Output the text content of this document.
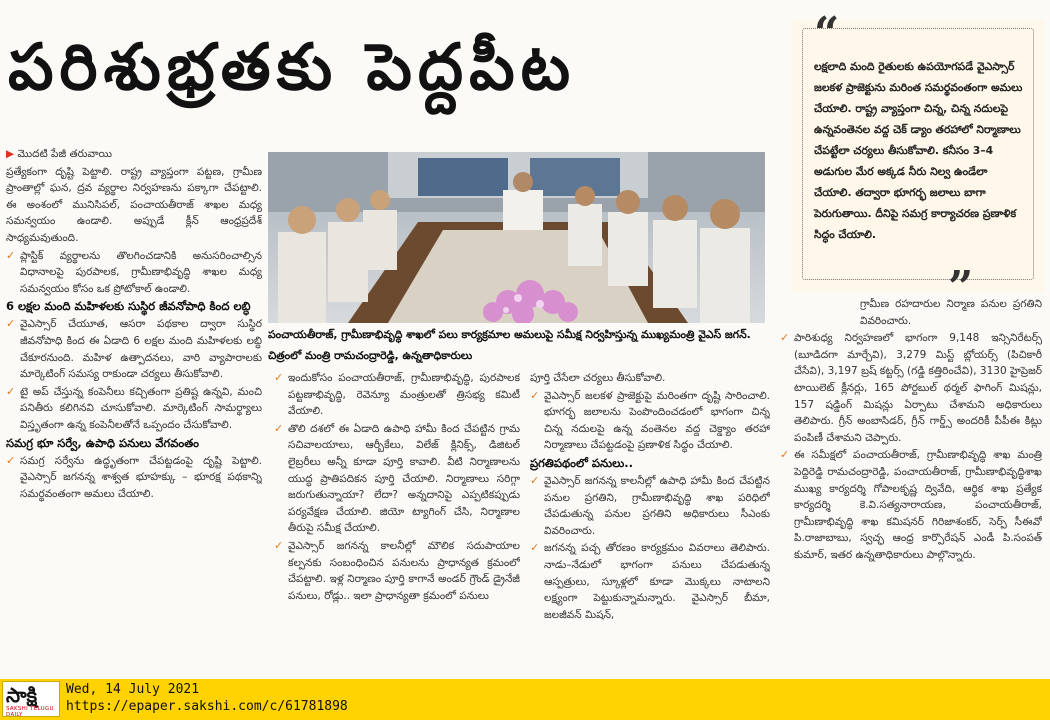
పరిశుభ్రతకు పెద్దపీట	“
లక్షలాది మంది రైతులకు ఉపయోగపడే వైఎస్సార్ జలకళ ప్రాజెక్టును మరింత సమర్థవంతంగా అమలు చేయాలి. రాష్ట్ర వ్యాప్తంగా చిన్న, చిన్న నదులపై ఉన్నవంతెనల వద్ద చెక్ డ్యాం తరహాలో నిర్మాణాలు చేపట్టేలా చర్యలు తీసుకోవాలి. కనీసం 3–4 అడుగుల మేర అక్కడ నీరు నిల్వ ఉండేలా చేయాలి. తద్వారా భూగర్భ జలాలు బాగా పెరుగుతాయి. దీనిపై సమగ్ర కార్యాచరణ ప్రణాళిక సిద్ధం చేయాలి.
”
పంచాయతీరాజ్, గ్రామీణాభివృద్ధి శాఖలో పలు కార్యక్రమాల అమలుపై సమీక్ష నిర్వహిస్తున్న ముఖ్యమంత్రి వైఎస్ జగన్. చిత్రంలో మంత్రి రామచంద్రారెడ్డి, ఉన్నతాధికారులు

▶ మొదటి పేజీ తరువాయి

ప్రత్యేకంగా దృష్టి పెట్టాలి. రాష్ట్ర వ్యాప్తంగా పట్టణ, గ్రామీణ ప్రాంతాల్లో ఘన, ద్రవ వ్యర్థాల నిర్వహణను పక్కాగా చేపట్టాలి. ఈ అంశంలో మునిసిపల్, పంచాయతీరాజ్ శాఖల మధ్య సమన్వయం ఉండాలి. అప్పుడే క్లీన్ ఆంధ్రప్రదేశ్ సాధ్యమవుతుంది.

✓ ప్లాస్టిక్ వ్యర్థాలను తొలగించడానికి అనుసరించాల్సిన విధానాలపై పురపాలక, గ్రామీణాభివృద్ధి శాఖల మధ్య సమన్వయం కోసం ఒక ప్రోటోకాల్ ఉండాలి.

6 లక్షల మంది మహిళలకు సుస్థిర జీవనోపాధి కింద లబ్ధి

✓ వైఎస్సార్ చేయూత, ఆసరా పథకాల ద్వారా సుస్థిర జీవనోపాధి కింద ఈ ఏడాది 6 లక్షల మంది మహిళలకు లబ్ధి చేకూరనుంది. మహిళ ఉత్పాదనలు, వారి వ్యాపారాలకు మార్కెటింగ్ సమస్య రాకుండా చర్యలు తీసుకోవాలి.

✓ టై అప్ చేస్తున్న కంపెనీలు కచ్చితంగా ప్రతిష్ట ఉన్నవి, మంచి పనితీరు కలిగినవి చూసుకోవాలి. మార్కెటింగ్ సామర్థ్యాలు విస్తృతంగా ఉన్న కంపెనీలతోనే ఒప్పందం చేసుకోవాలి.

సమగ్ర భూ సర్వే, ఉపాధి పనులు వేగవంతం

✓ సమగ్ర సర్వేను ఉద్ధృతంగా చేపట్టడంపై దృష్టి పెట్టాలి. వైఎస్సార్ జగనన్న శాశ్వత భూహక్కు – భూరక్ష పథకాన్ని సమర్థవంతంగా అమలు చేయాలి.

✓ ఇందుకోసం పంచాయతీరాజ్, గ్రామీణాభివృద్ధి, పురపాలక పట్టణాభివృద్ధి, రెవెన్యూ మంత్రులతో త్రిసభ్య కమిటీ వేయాలి.

✓ తొలి దశలో ఈ ఏడాది ఉపాధి హామీ కింద చేపట్టిన గ్రామ సచివాలయాలు, ఆర్బీకేలు, విలేజ్ క్లినిక్స్, డిజిటల్ లైబ్రరీలు అన్నీ కూడా పూర్తి కావాలి. వీటి నిర్మాణాలను యుద్ధ ప్రాతిపదికన పూర్తి చేయాలి. నిర్మాణాలు సరిగ్గా జరుగుతున్నాయా? లేదా? అన్నదానిపై ఎప్పటికప్పుడు పర్యవేక్షణ చేయాలి. జియో ట్యాగింగ్ చేసి, నిర్మాణాల తీరుపై సమీక్ష చేయాలి.

✓ వైఎస్సార్ జగనన్న కాలనీల్లో మౌలిక సదుపాయాల కల్పనకు సంబంధించిన పనులను ప్రాధాన్యత క్రమంలో చేపట్టాలి. ఇళ్ల నిర్మాణం పూర్తి కాగానే అండర్ గ్రౌండ్ డ్రైనేజీ పనులు, రోడ్లు.. ఇలా ప్రాధాన్యతా క్రమంలో పనులు

పూర్తి చేసేలా చర్యలు తీసుకోవాలి.

✓ వైఎస్సార్ జలకళ ప్రాజెక్టుపై మరింతగా దృష్టి సారించాలి. భూగర్భ జలాలను పెంపొందించడంలో భాగంగా చిన్న చిన్న నదులపై ఉన్న వంతెనల వద్ద చెక్డ్యాం తరహా నిర్మాణాలు చేపట్టడంపై ప్రణాళిక సిద్ధం చేయాలి.

ప్రగతిపథంలో పనులు..

✓ వైఎస్సార్ జగనన్న కాలనీల్లో ఉపాధి హామీ కింద చేపట్టిన పనుల ప్రగతిని, గ్రామీణాభివృద్ధి శాఖ పరిధిలో చేపడుతున్న పనుల ప్రగతిని అధికారులు సీఎంకు వివరించారు.

✓ జగనన్న పచ్చ తోరణం కార్యక్రమం వివరాలు తెలిపారు. నాడు–నేడులో భాగంగా పనులు చేపడుతున్న ఆస్పత్రులు, స్కూళ్లలో కూడా మొక్కలు నాటాలని లక్ష్యంగా పెట్టుకున్నామన్నారు. వైఎస్సార్ బీమా, జలజీవన్ మిషన్,

గ్రామీణ రహదారుల నిర్మాణ పనుల ప్రగతిని వివరించారు.

✓ పారిశుధ్య నిర్వహణలో భాగంగా 9,148 ఇన్సినిరేటర్స్ (బూడిదగా మార్చేవి), 3,279 మిస్ట్ బ్లోయర్స్ (పిచికారీ చేసేవి), 3,197 బ్రష్ కట్టర్స్ (గడ్డి కత్తిరించేవి), 3130 హైప్రెజర్ టాయిలెట్ క్లీనర్లు, 165 పోర్టబుల్ థర్మల్ ఫాగింగ్ మిషన్లు, 157 షడ్డింగ్ మిషన్లు ఏర్పాటు చేశామని అధికారులు తెలిపారు. గ్రీన్ అంబాసిడర్, గ్రీన్ గార్డ్స్ అందరికీ పీపీఈ కిట్లు పంపిణీ చేశామని చెప్పారు.

✓ ఈ సమీక్షలో పంచాయతీరాజ్, గ్రామీణాభివృద్ధి శాఖ మంత్రి పెద్దిరెడ్డి రామచంద్రారెడ్డి, పంచాయతీరాజ్, గ్రామీణాభివృద్ధిశాఖ ముఖ్య కార్యదర్శి గోపాలకృష్ణ ద్వివేది, ఆర్థిక శాఖ ప్రత్యేక కార్యదర్శి కె.వి.సత్యనారాయణ, పంచాయతీరాజ్, గ్రామీణాభివృద్ధి శాఖ కమిషనర్ గిరిజాశంకర్, సెర్ప్ సీఈవో పి.రాజాబాబు, స్వచ్ఛ ఆంధ్ర కార్పొరేషన్ ఎండీ పి.సంపత్ కుమార్, ఇతర ఉన్నతాధికారులు పాల్గొన్నారు.

సాక్షి
SAKSHI TELUGU DAILY
Wed, 14 July 2021
https://epaper.sakshi.com/c/61781898
